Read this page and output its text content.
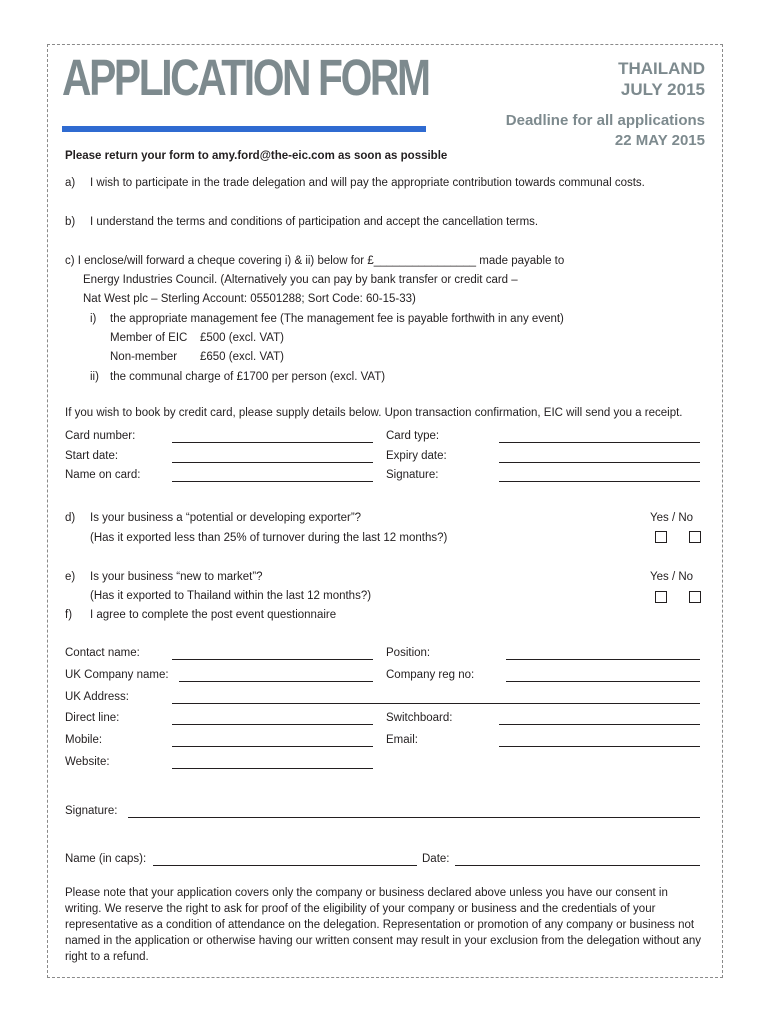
APPLICATION FORM	THAILAND
JULY 2015
Deadline for all applications
22 MAY 2015
Please return your form to amy.ford@the-eic.com as soon as possible
a) I wish to participate in the trade delegation and will pay the appropriate contribution towards communal costs.
b) I understand the terms and conditions of participation and accept the cancellation terms.
c) I enclose/will forward a cheque covering i) & ii) below for £________________ made payable to
Energy Industries Council. (Alternatively you can pay by bank transfer or credit card –
Nat West plc – Sterling Account: 05501288; Sort Code: 60-15-33)
i) the appropriate management fee (The management fee is payable forthwith in any event)
Member of EIC £500 (excl. VAT)
Non-member £650 (excl. VAT)
ii) the communal charge of £1700 per person (excl. VAT)
If you wish to book by credit card, please supply details below. Upon transaction confirmation, EIC will send you a receipt.
Card number:	Card type:
Start date:	Expiry date:
Name on card:	Signature:
d) Is your business a “potential or developing exporter”?
(Has it exported less than 25% of turnover during the last 12 months?)
Yes / No
e) Is your business “new to market”?
(Has it exported to Thailand within the last 12 months?)
Yes / No
f) I agree to complete the post event questionnaire
Contact name:	Position:
UK Company name:	Company reg no:
UK Address:
Direct line:	Switchboard:
Mobile:	Email:
Website:
Signature:
Name (in caps):	Date:
Please note that your application covers only the company or business declared above unless you have our consent in writing. We reserve the right to ask for proof of the eligibility of your company or business and the credentials of your representative as a condition of attendance on the delegation. Representation or promotion of any company or business not named in the application or otherwise having our written consent may result in your exclusion from the delegation without any right to a refund.
